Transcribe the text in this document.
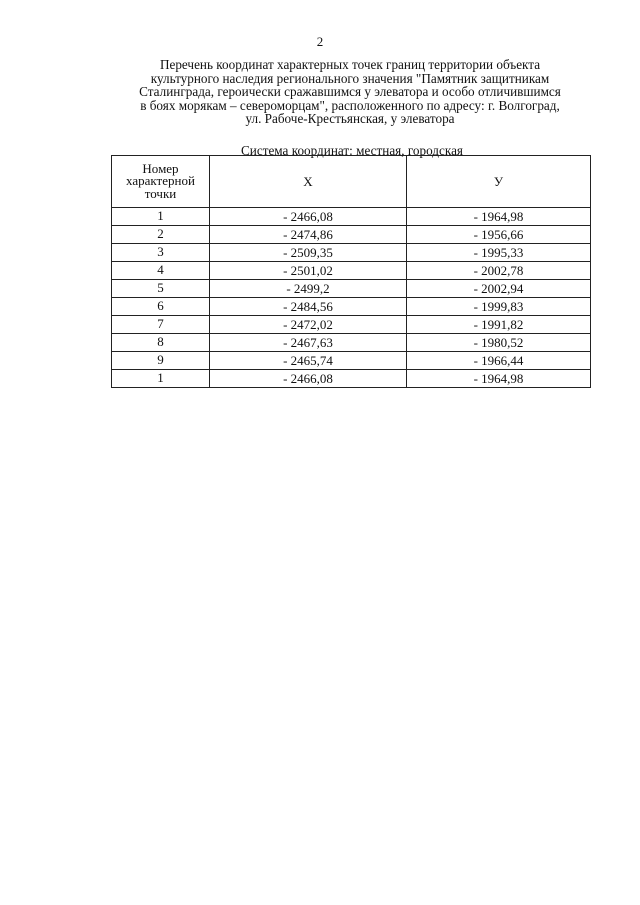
2
Перечень координат характерных точек границ территории объекта
культурного наследия регионального значения "Памятник защитникам
Сталинграда, героически сражавшимся у элеватора и особо отличившимся
в боях морякам – североморцам", расположенного по адресу: г. Волгоград,
ул. Рабоче-Крестьянская, у элеватора
Система координат: местная, городская
Номер
характерной
точки	X	У
1	- 2466,08	- 1964,98
2	- 2474,86	- 1956,66
3	- 2509,35	- 1995,33
4	- 2501,02	- 2002,78
5	- 2499,2	- 2002,94
6	- 2484,56	- 1999,83
7	- 2472,02	- 1991,82
8	- 2467,63	- 1980,52
9	- 2465,74	- 1966,44
1	- 2466,08	- 1964,98
